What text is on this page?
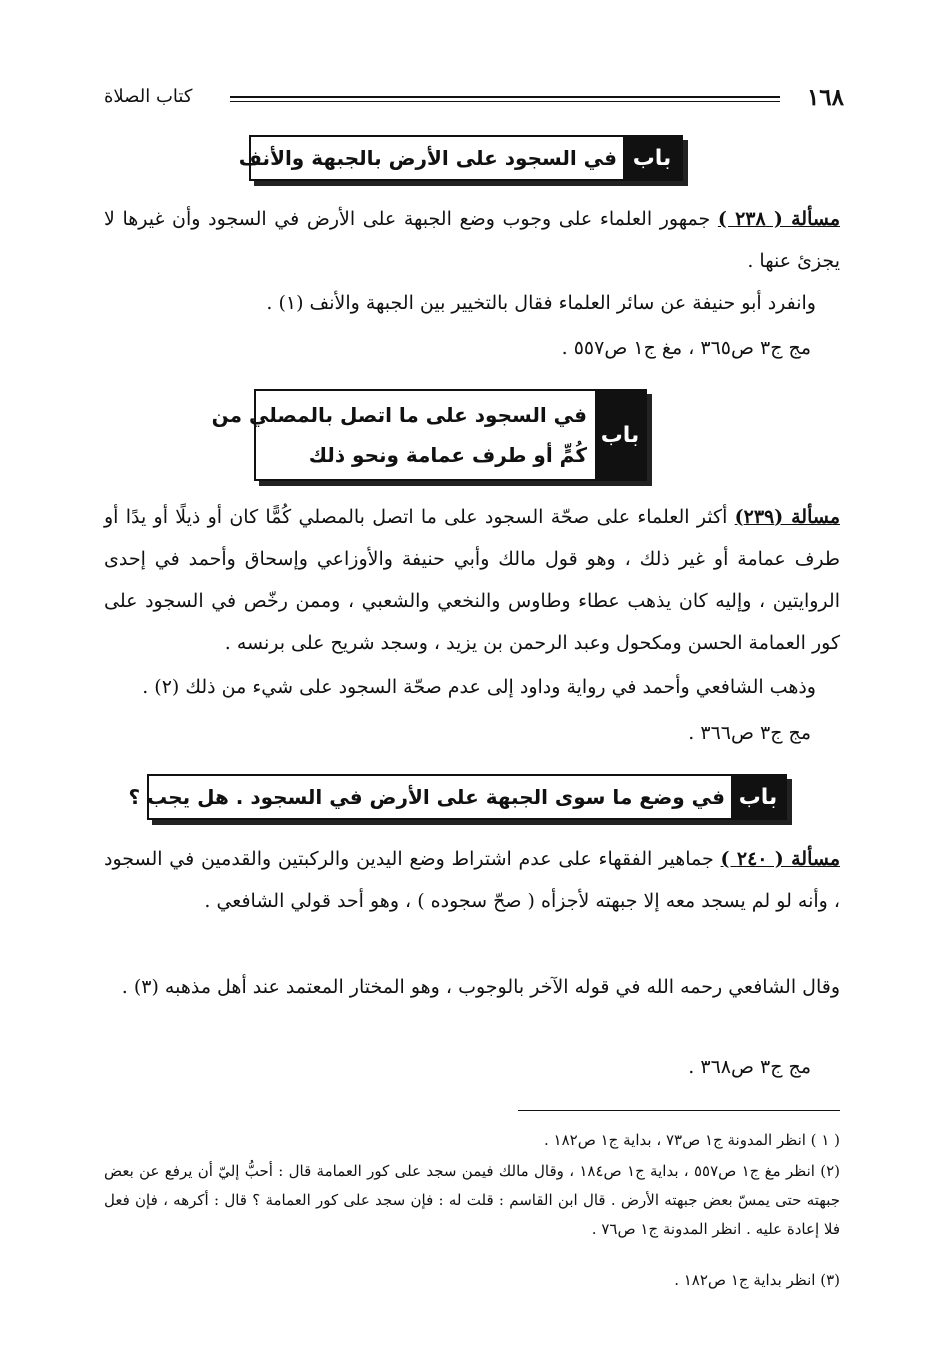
١٦٨
كتاب الصلاة
باب
في السجود على الأرض بالجبهة والأنف
مسألة ( ٢٣٨ ) جمهور العلماء على وجوب وضع الجبهة على الأرض في السجود وأن غيرها لا يجزئ عنها .
وانفرد أبو حنيفة عن سائر العلماء فقال بالتخيير بين الجبهة والأنف (١) .
مج ج٣ ص٣٦٥ ، مغ ج١ ص٥٥٧ .
باب
في السجود على ما اتصل بالمصلي من
كُمٍّ أو طرف عمامة ونحو ذلك
مسألة (٢٣٩) أكثر العلماء على صحّة السجود على ما اتصل بالمصلي كُمًّا كان أو ذيلًا أو يدًا أو طرف عمامة أو غير ذلك ، وهو قول مالك وأبي حنيفة والأوزاعي وإسحاق وأحمد في إحدى الروايتين ، وإليه كان يذهب عطاء وطاوس والنخعي والشعبي ، وممن رخّص في السجود على كور العمامة الحسن ومكحول وعبد الرحمن بن يزيد ، وسجد شريح على برنسه .
وذهب الشافعي وأحمد في رواية وداود إلى عدم صحّة السجود على شيء من ذلك (٢) .
مج ج٣ ص٣٦٦ .
باب
في وضع ما سوى الجبهة على الأرض في السجود . هل يجب ؟
مسألة ( ٢٤٠ ) جماهير الفقهاء على عدم اشتراط وضع اليدين والركبتين والقدمين في السجود ، وأنه لو لم يسجد معه إلا جبهته لأجزأه ( صحّ سجوده ) ، وهو أحد قولي الشافعي .
وقال الشافعي رحمه الله في قوله الآخر بالوجوب ، وهو المختار المعتمد عند أهل مذهبه (٣) .
مج ج٣ ص٣٦٨ .
( ١ ) انظر المدونة ج١ ص٧٣ ، بداية ج١ ص١٨٢ .
(٢) انظر مغ ج١ ص٥٥٧ ، بداية ج١ ص١٨٤ ، وقال مالك فيمن سجد على كور العمامة قال : أحبُّ إليّ أن يرفع عن بعض جبهته حتى يمسّ بعض جبهته الأرض . قال ابن القاسم : قلت له : فإن سجد على كور العمامة ؟ قال : أكرهه ، فإن فعل فلا إعادة عليه . انظر المدونة ج١ ص٧٦ .
(٣) انظر بداية ج١ ص١٨٢ .
